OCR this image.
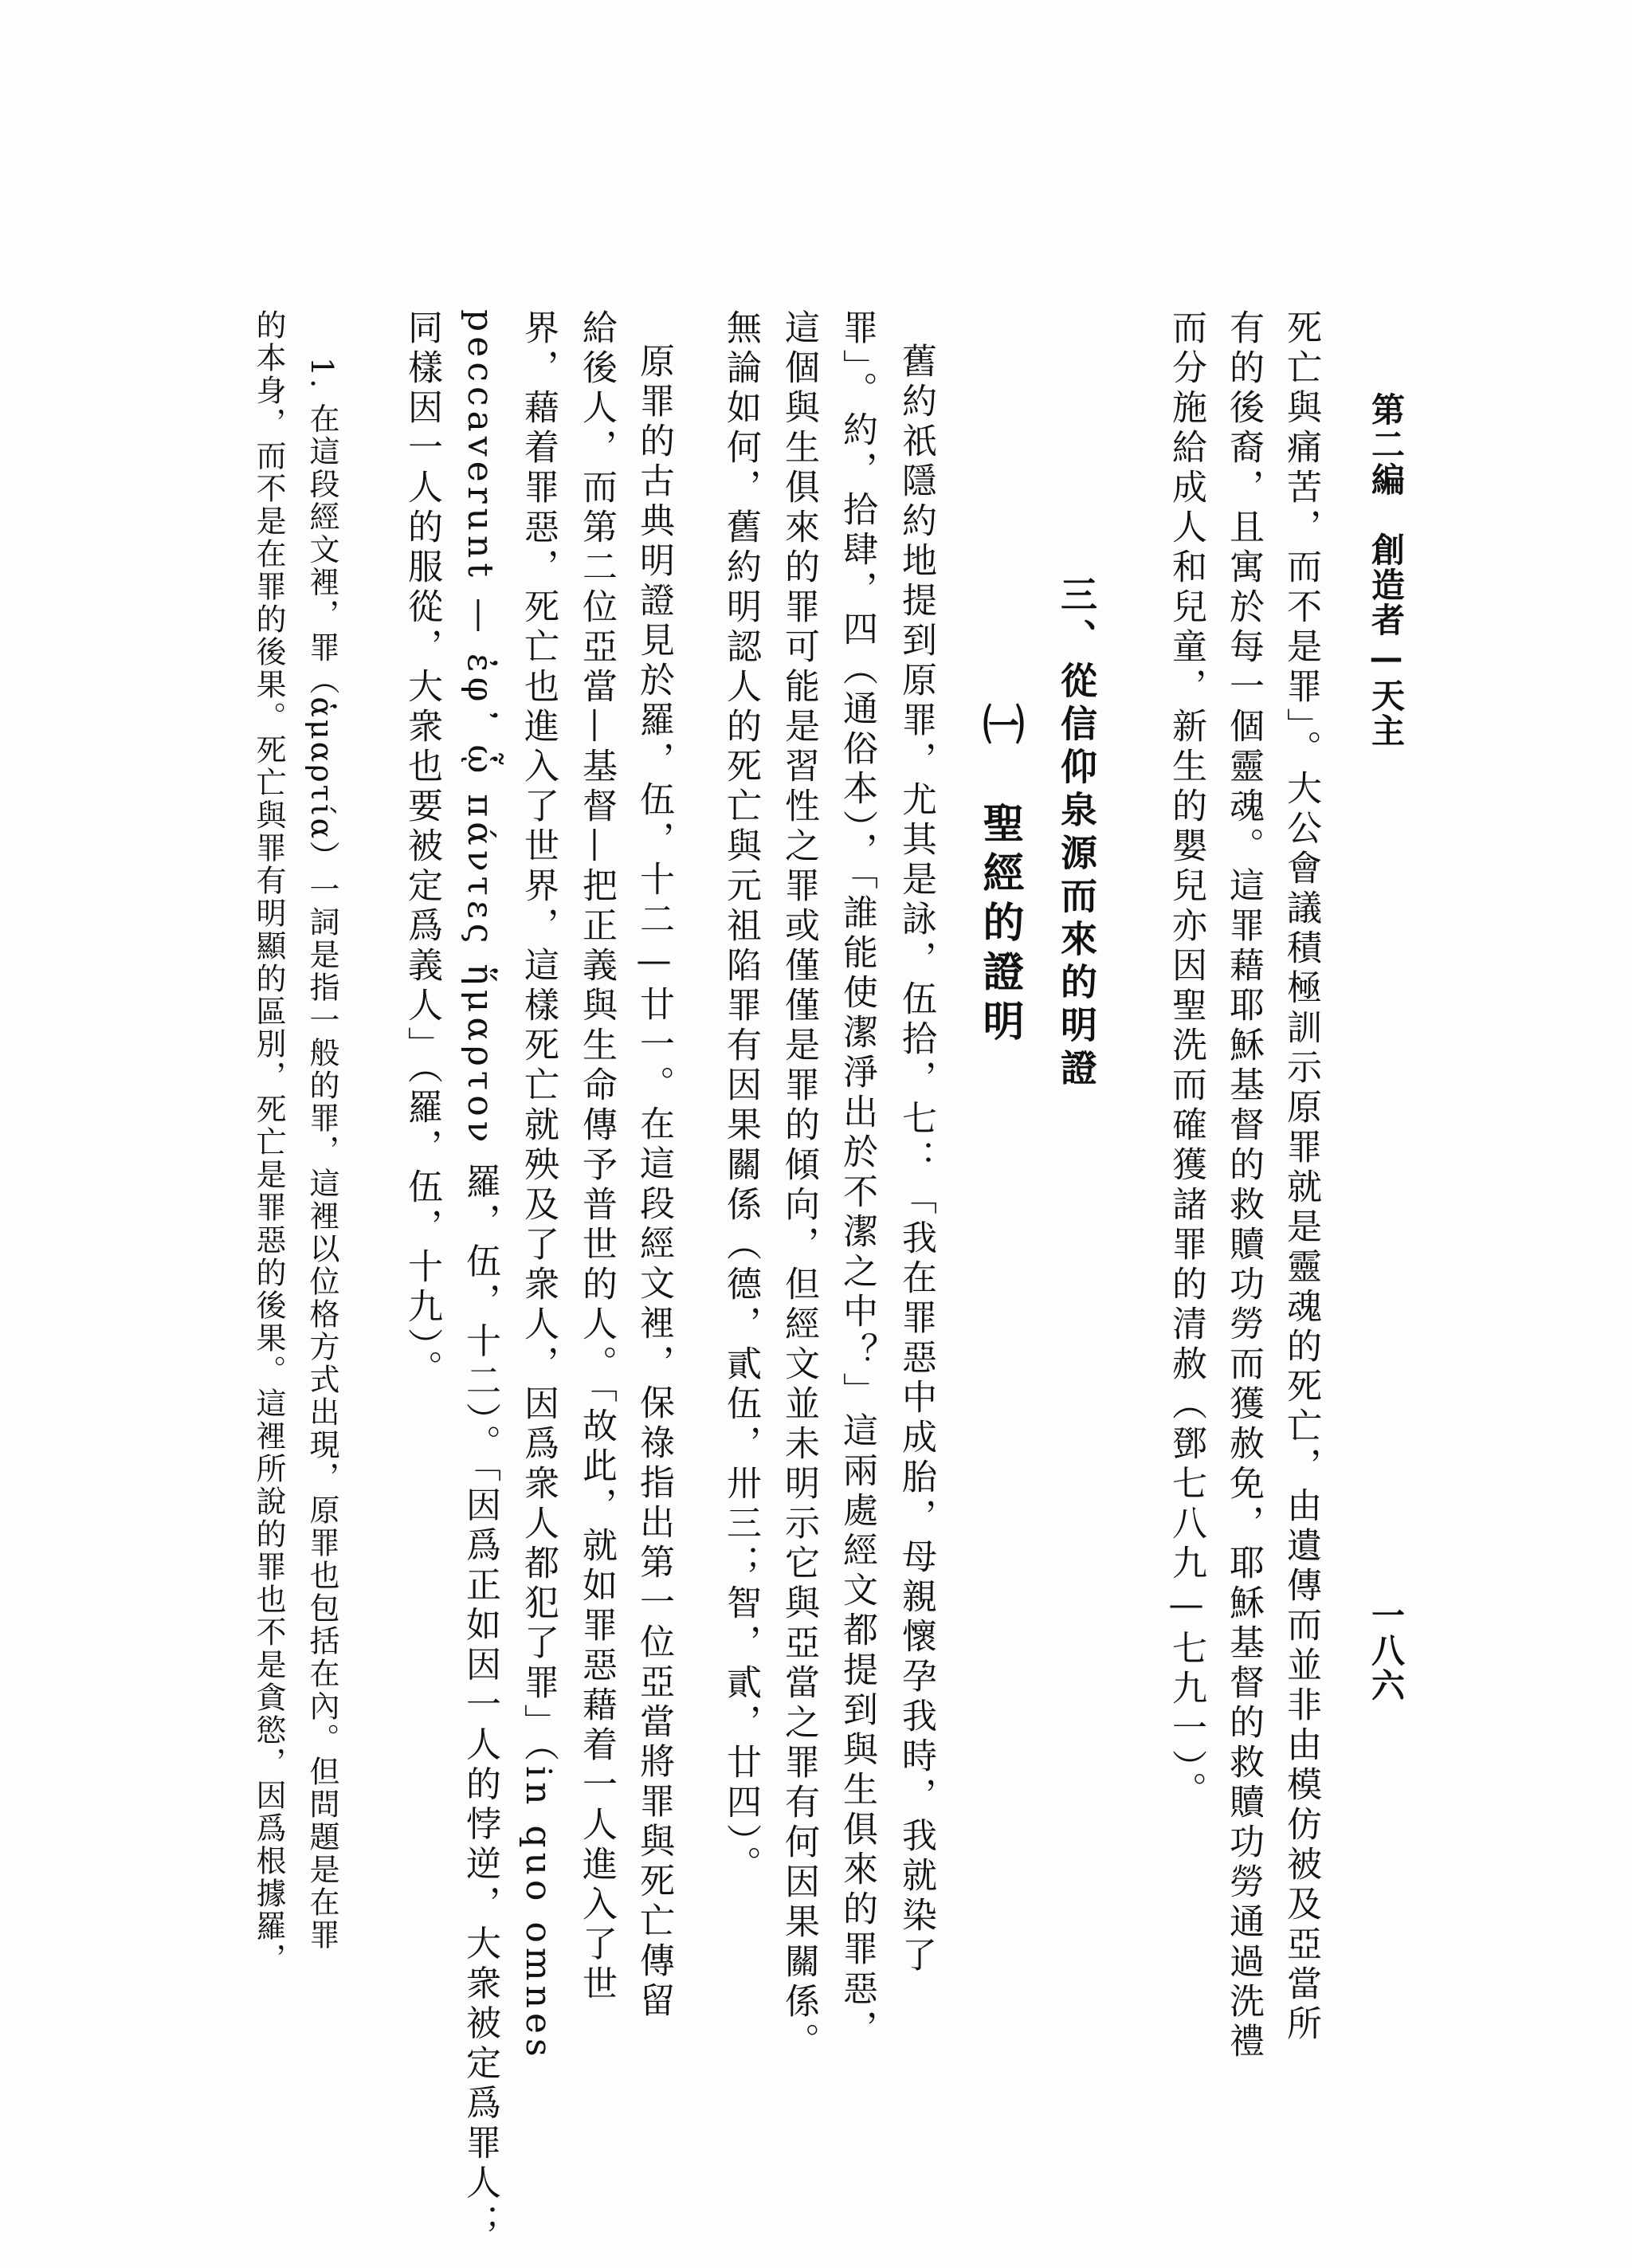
第二編　創造者—天主
一八六
死亡與痛苦，而不是罪」。大公會議積極訓示原罪就是靈魂的死亡，由遺傳而並非由模仿被及亞當所
有的後裔，且寓於每一個靈魂。這罪藉耶穌基督的救贖功勞而獲赦免，耶穌基督的救贖功勞通過洗禮
而分施給成人和兒童，新生的嬰兒亦因聖洗而確獲諸罪的清赦（鄧七八九—七九一）。
三、從信仰泉源而來的明證
㈠　聖經的證明
舊約祇隱約地提到原罪，尤其是詠，伍拾，七：「我在罪惡中成胎，母親懷孕我時，我就染了
罪」。約，拾肆，四（通俗本），「誰能使潔淨出於不潔之中？」這兩處經文都提到與生俱來的罪惡，
這個與生俱來的罪可能是習性之罪或僅僅是罪的傾向，但經文並未明示它與亞當之罪有何因果關係。
無論如何，舊約明認人的死亡與元祖陷罪有因果關係（德，貳伍，卅三；智，貳，廿四）。
原罪的古典明證見於羅，伍，十二—廿一。在這段經文裡，保祿指出第一位亞當將罪與死亡傳留
給後人，而第二位亞當—基督—把正義與生命傳予普世的人。「故此，就如罪惡藉着一人進入了世
界，藉着罪惡，死亡也進入了世界，這樣死亡就殃及了衆人，因爲衆人都犯了罪」（in quo omnes
peccaverunt — ἐφ᾽ ᾧ πάντες ἥμαρτον 羅，伍，十二）。「因爲正如因一人的悖逆，大衆被定爲罪人；
同樣因一人的服從，大衆也要被定爲義人」（羅，伍，十九）。
1. 在這段經文裡，罪（ἁμαρτία）一詞是指一般的罪，這裡以位格方式出現，原罪也包括在內。但問題是在罪
的本身，而不是在罪的後果。死亡與罪有明顯的區別，死亡是罪惡的後果。這裡所說的罪也不是貪慾，因爲根據羅，
